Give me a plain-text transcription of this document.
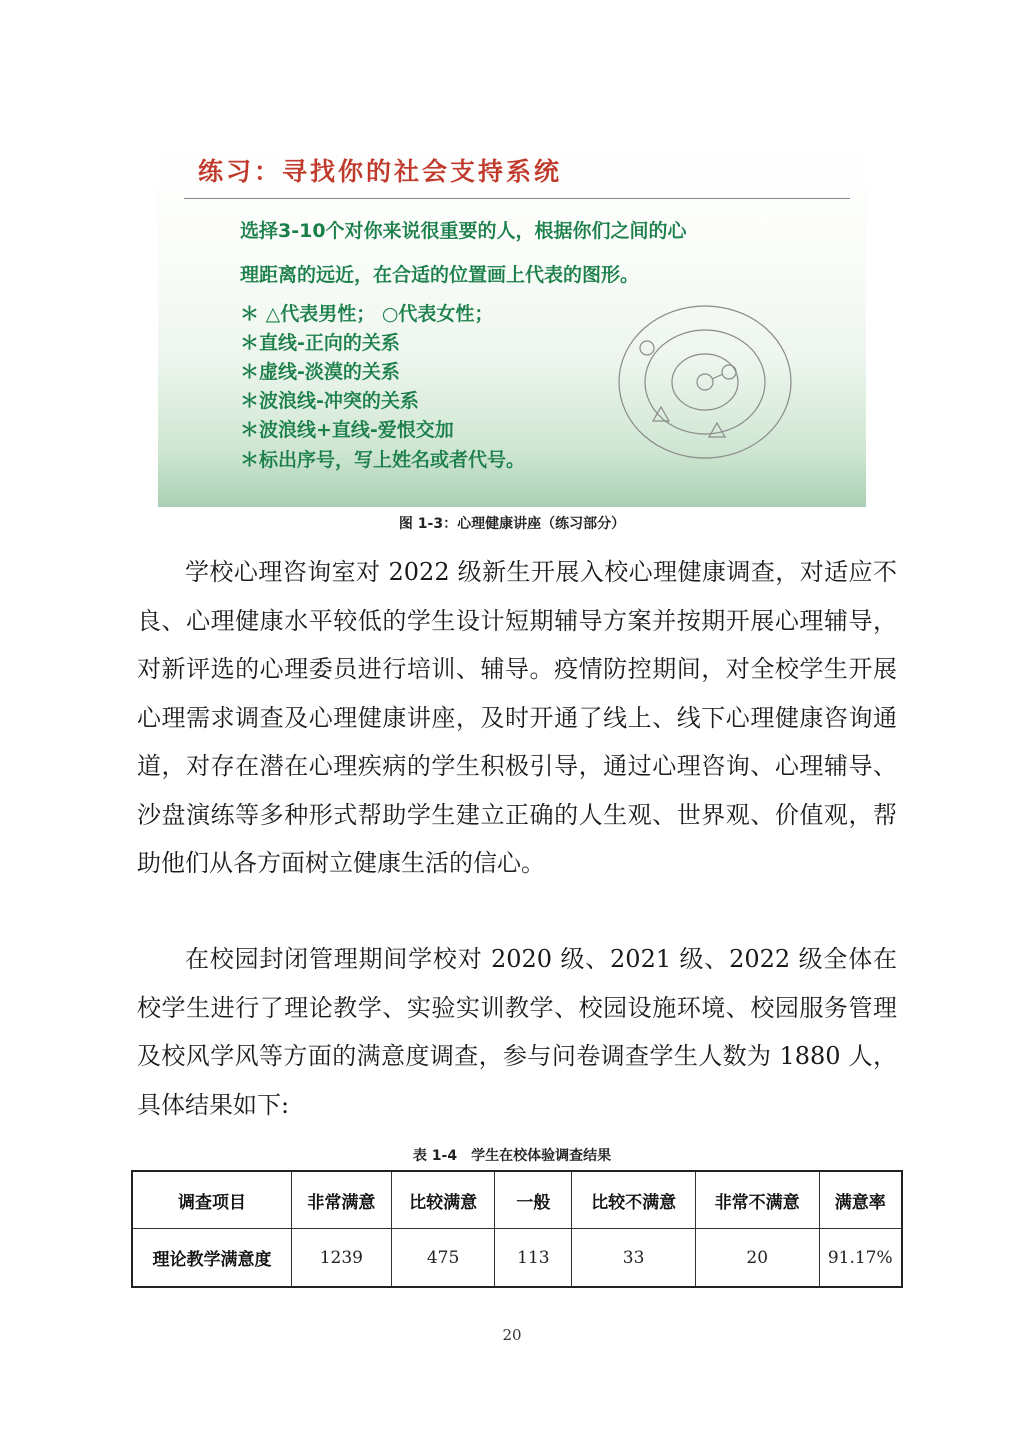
练习：寻找你的社会支持系统
选择3-10个对你来说很重要的人，根据你们之间的心
理距离的远近，在合适的位置画上代表的图形。
＊ △代表男性； ○代表女性；
＊直线-正向的关系
＊虚线-淡漠的关系
＊波浪线-冲突的关系
＊波浪线+直线-爱恨交加
＊标出序号，写上姓名或者代号。
图 1-3：心理健康讲座（练习部分）

学校心理咨询室对 2022 级新生开展入校心理健康调查，对适应不良、心理健康水平较低的学生设计短期辅导方案并按期开展心理辅导，对新评选的心理委员进行培训、辅导。疫情防控期间，对全校学生开展心理需求调查及心理健康讲座，及时开通了线上、线下心理健康咨询通道，对存在潜在心理疾病的学生积极引导，通过心理咨询、心理辅导、沙盘演练等多种形式帮助学生建立正确的人生观、世界观、价值观，帮助他们从各方面树立健康生活的信心。

在校园封闭管理期间学校对 2020 级、2021 级、2022 级全体在校学生进行了理论教学、实验实训教学、校园设施环境、校园服务管理及校风学风等方面的满意度调查，参与问卷调查学生人数为 1880 人，具体结果如下:

表 1-4　学生在校体验调查结果
调查项目	非常满意	比较满意	一般	比较不满意	非常不满意	满意率
理论教学满意度	1239	475	113	33	20	91.17%
20
